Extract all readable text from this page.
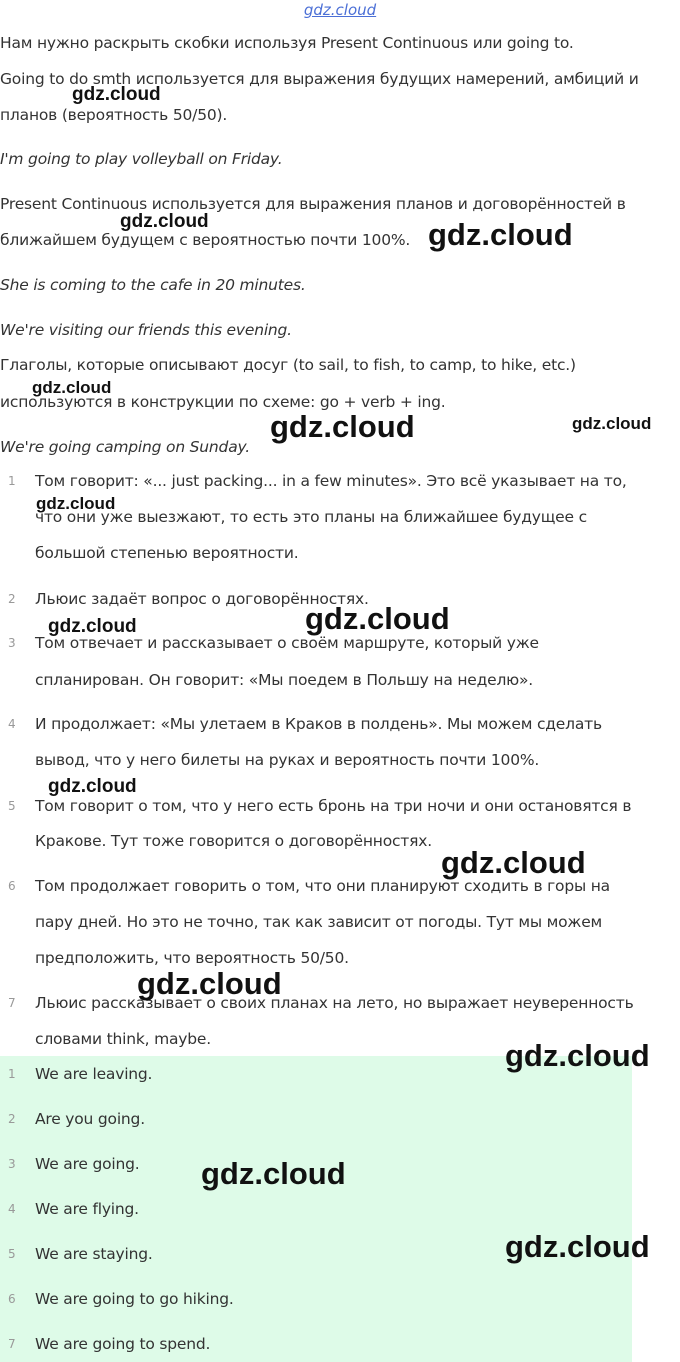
gdz.cloud
Нам нужно раскрыть скобки используя Present Continuous или going to.
Going to do smth используется для выражения будущих намерений, амбиций и
планов (вероятность 50/50).
I'm going to play volleyball on Friday.
Present Continuous используется для выражения планов и договорённостей в
ближайшем будущем с вероятностью почти 100%.
She is coming to the cafe in 20 minutes.
We're visiting our friends this evening.
Глаголы, которые описывают досуг (to sail, to fish, to camp, to hike, etc.)
используются в конструкции по схеме: go + verb + ing.
We're going camping on Sunday.
1	Том говорит: «... just packing... in a few minutes». Это всё указывает на то,
что они уже выезжают, то есть это планы на ближайшее будущее с
большой степенью вероятности.
2	Льюис задаёт вопрос о договорённостях.
3	Том отвечает и рассказывает о своём маршруте, который уже
спланирован. Он говорит: «Мы поедем в Польшу на неделю».
4	И продолжает: «Мы улетаем в Краков в полдень». Мы можем сделать
вывод, что у него билеты на руках и вероятность почти 100%.
5	Том говорит о том, что у него есть бронь на три ночи и они остановятся в
Кракове. Тут тоже говорится о договорённостях.
6	Том продолжает говорить о том, что они планируют сходить в горы на
пару дней. Но это не точно, так как зависит от погоды. Тут мы можем
предположить, что вероятность 50/50.
7	Льюис рассказывает о своих планах на лето, но выражает неуверенность
словами think, maybe.
1	We are leaving.
2	Are you going.
3	We are going.
4	We are flying.
5	We are staying.
6	We are going to go hiking.
7	We are going to spend.
gdz.cloud
gdz.cloud	gdz.cloud
gdz.cloud
gdz.cloud	gdz.cloud
gdz.cloud
gdz.cloud
gdz.cloud
gdz.cloud
gdz.cloud
gdz.cloud
gdz.cloud
gdz.cloud
gdz.cloud
